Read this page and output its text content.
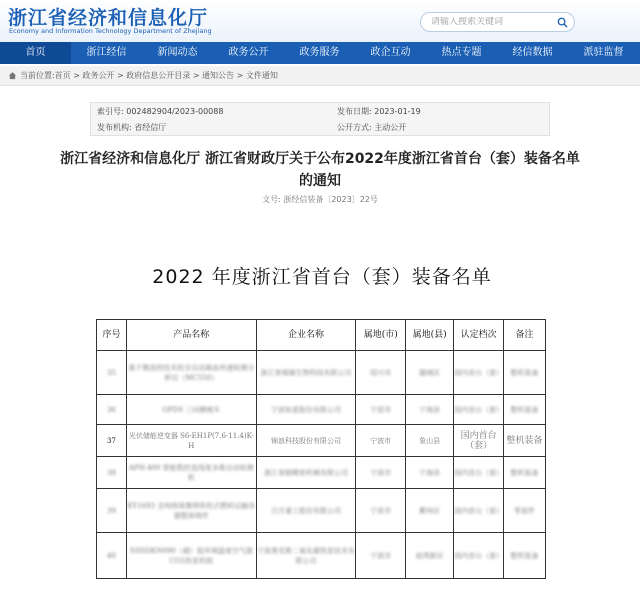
浙江省经济和信息化厅
Economy and Information Technology Department of Zhejiang
请输入搜索关键词
首页	浙江经信	新闻动态	政务公开	政务服务	政企互动	热点专题	经信数据	派驻监督
当前位置:首页 > 政务公开 > 政府信息公开目录 > 通知公告 > 文件通知
索引号: 002482904/2023-00088	发布日期: 2023-01-19
发布机构: 省经信厅	公开方式: 主动公开
浙江省经济和信息化厅 浙江省财政厅关于公布2022年度浙江省首台（套）装备名单的通知
文号: 浙经信装备〔2023〕22号
2022 年度浙江省首台（套）装备名单
序号	产品名称	企业名称	属地(市)	属地(县)	认定档次	备注
35	基于微流控技术的全自动凝血快速检测分析仪（MC550）	浙江普瑞凝生物科技有限公司	绍兴市	越城区	国内首台（套）	整机装备
36	OPDS 三向精梳车	宁波如意股份有限公司	宁波市	宁海县	国内首台（套）	整机装备
37	光伏储能逆变器 S6-EH1P(7.6-11.4)K-H	锦浪科技股份有限公司	宁波市	象山县	国内首台（套）	整机装备
38	APH-400 智能数控直线度多维自动检测机	浙江易锻精密机械有限公司	宁波市	宁海县	国内首台（套）	整机装备
39	KY1693 全吨级球墨铸铁柱式燃料运输容器整体铸件	日月重工股份有限公司	宁波市	鄞州区	国内首台（套）	零部件
40	NSSDKN090（超）低环境温度空气源CO2热泵机组	宁波奥克斯二氧化碳热泵技术有限公司	宁波市	前湾新区	国内首台（套）	整机装备
